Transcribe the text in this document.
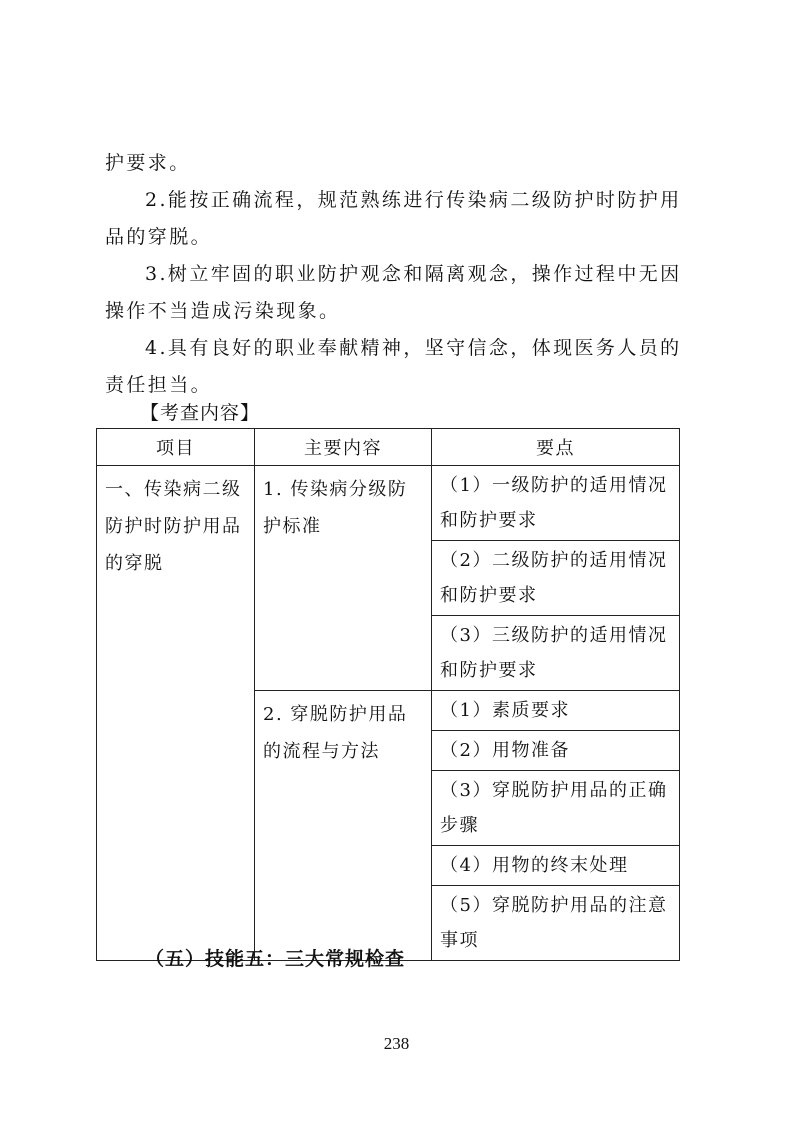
护要求。

2.能按正确流程，规范熟练进行传染病二级防护时防护用品的穿脱。

3.树立牢固的职业防护观念和隔离观念，操作过程中无因操作不当造成污染现象。

4.具有良好的职业奉献精神，坚守信念，体现医务人员的责任担当。

【考查内容】

项目	主要内容	要点
一、传染病二级防护时防护用品的穿脱	1. 传染病分级防护标准	（1）一级防护的适用情况和防护要求
		（2）二级防护的适用情况和防护要求
		（3）三级防护的适用情况和防护要求
	2. 穿脱防护用品的流程与方法	（1）素质要求
		（2）用物准备
		（3）穿脱防护用品的正确步骤
		（4）用物的终末处理
		（5）穿脱防护用品的注意事项

（五）技能五：三大常规检查

238
